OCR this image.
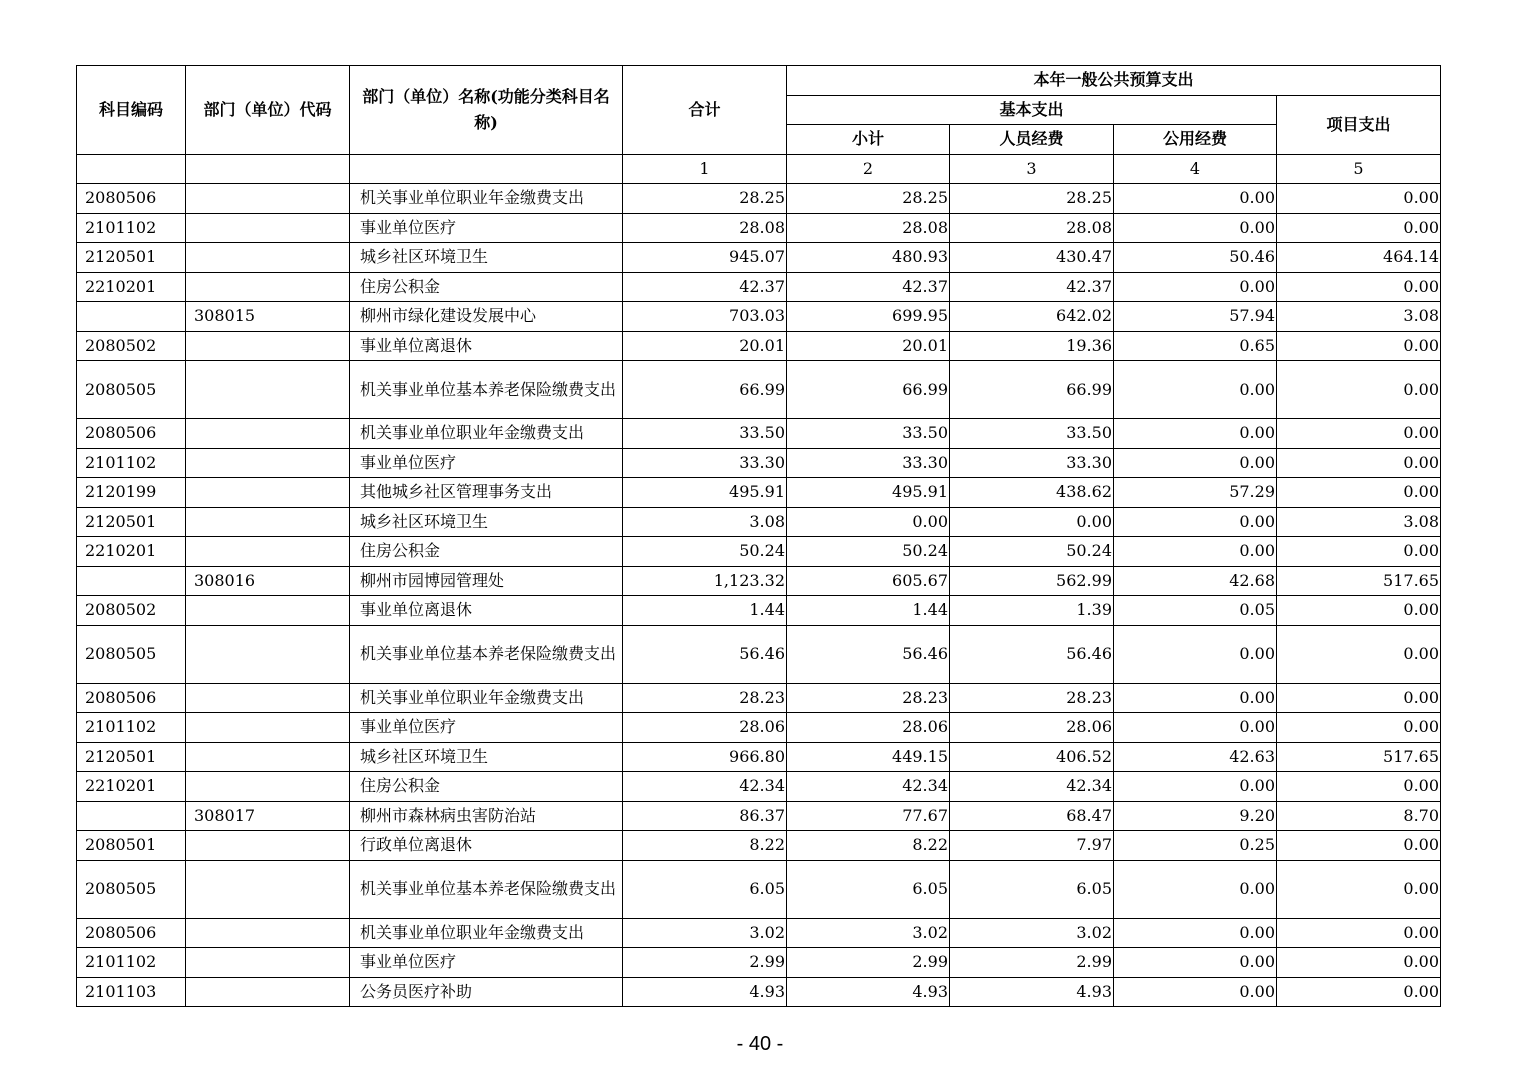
科目编码	部门（单位）代码	部门（单位）名称(功能分类科目名称)	合计	本年一般公共预算支出			
				基本支出			项目支出
				小计	人员经费	公用经费	
			1	2	3	4	5
2080506		机关事业单位职业年金缴费支出	28.25	28.25	28.25	0.00	0.00
2101102		事业单位医疗	28.08	28.08	28.08	0.00	0.00
2120501		城乡社区环境卫生	945.07	480.93	430.47	50.46	464.14
2210201		住房公积金	42.37	42.37	42.37	0.00	0.00
	308015	柳州市绿化建设发展中心	703.03	699.95	642.02	57.94	3.08
2080502		事业单位离退休	20.01	20.01	19.36	0.65	0.00
2080505		机关事业单位基本养老保险缴费支出	66.99	66.99	66.99	0.00	0.00
2080506		机关事业单位职业年金缴费支出	33.50	33.50	33.50	0.00	0.00
2101102		事业单位医疗	33.30	33.30	33.30	0.00	0.00
2120199		其他城乡社区管理事务支出	495.91	495.91	438.62	57.29	0.00
2120501		城乡社区环境卫生	3.08	0.00	0.00	0.00	3.08
2210201		住房公积金	50.24	50.24	50.24	0.00	0.00
	308016	柳州市园博园管理处	1,123.32	605.67	562.99	42.68	517.65
2080502		事业单位离退休	1.44	1.44	1.39	0.05	0.00
2080505		机关事业单位基本养老保险缴费支出	56.46	56.46	56.46	0.00	0.00
2080506		机关事业单位职业年金缴费支出	28.23	28.23	28.23	0.00	0.00
2101102		事业单位医疗	28.06	28.06	28.06	0.00	0.00
2120501		城乡社区环境卫生	966.80	449.15	406.52	42.63	517.65
2210201		住房公积金	42.34	42.34	42.34	0.00	0.00
	308017	柳州市森林病虫害防治站	86.37	77.67	68.47	9.20	8.70
2080501		行政单位离退休	8.22	8.22	7.97	0.25	0.00
2080505		机关事业单位基本养老保险缴费支出	6.05	6.05	6.05	0.00	0.00
2080506		机关事业单位职业年金缴费支出	3.02	3.02	3.02	0.00	0.00
2101102		事业单位医疗	2.99	2.99	2.99	0.00	0.00
2101103		公务员医疗补助	4.93	4.93	4.93	0.00	0.00
- 40 -
